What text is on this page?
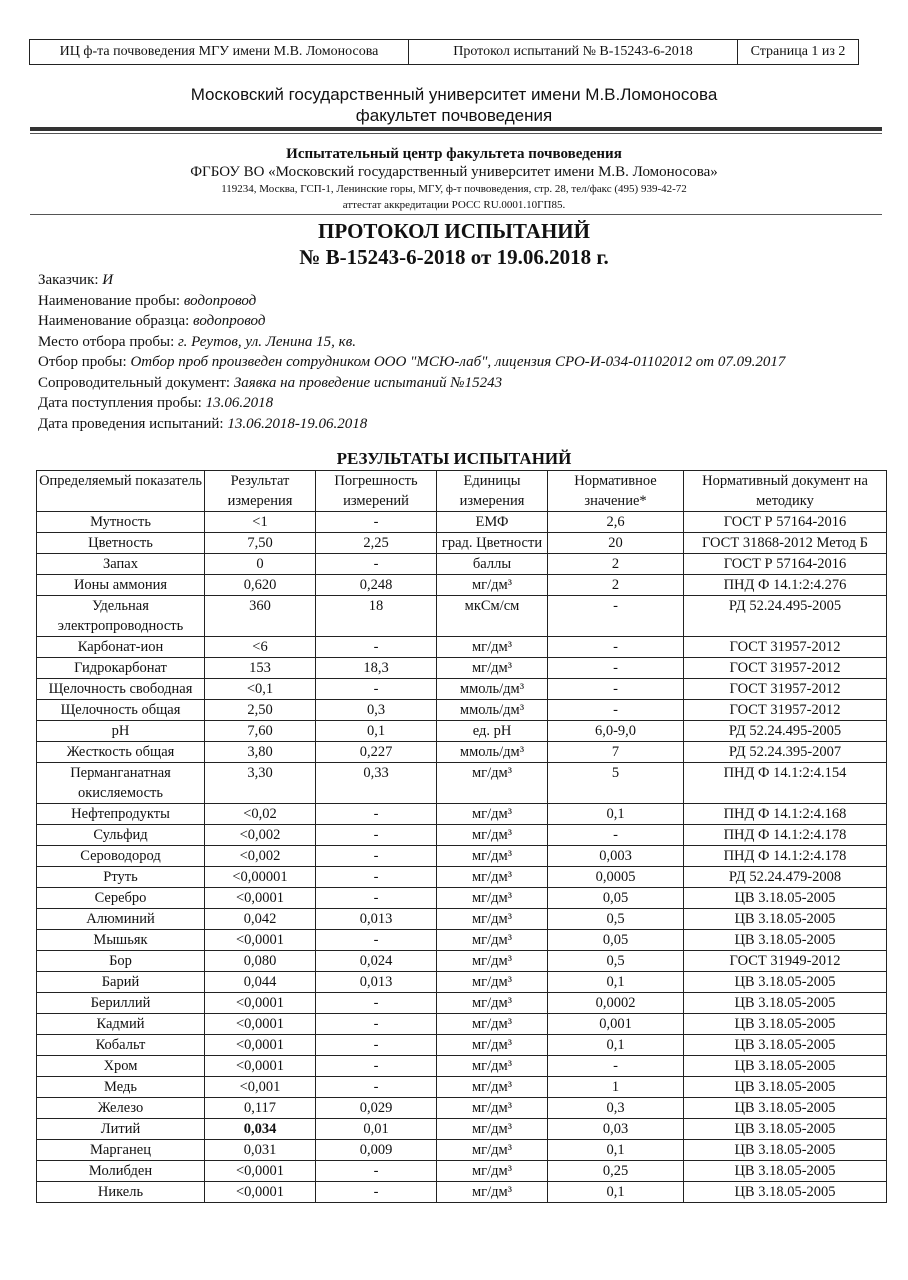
ИЦ ф-та почвоведения МГУ имени М.В. Ломоносова	Протокол испытаний № В-15243-6-2018	Страница 1 из 2
Московский государственный университет имени М.В.Ломоносова
факультет почвоведения
Испытательный центр факультета почвоведения
ФГБОУ ВО «Московский государственный университет имени М.В. Ломоносова»
119234, Москва, ГСП-1, Ленинские горы, МГУ, ф-т почвоведения, стр. 28, тел/факс (495) 939-42-72
аттестат аккредитации РОСС RU.0001.10ГП85.
ПРОТОКОЛ ИСПЫТАНИЙ
№ В-15243-6-2018 от 19.06.2018 г.
Заказчик: И
Наименование пробы: водопровод
Наименование образца: водопровод
Место отбора пробы: г. Реутов, ул. Ленина 15, кв.
Отбор пробы: Отбор проб произведен сотрудником ООО "МСЮ-лаб", лицензия СРО-И-034-01102012 от 07.09.2017
Сопроводительный документ: Заявка на проведение испытаний №15243
Дата поступления пробы: 13.06.2018
Дата проведения испытаний: 13.06.2018-19.06.2018
РЕЗУЛЬТАТЫ ИСПЫТАНИЙ
Определяемый показатель	Результат измерения	Погрешность измерений	Единицы измерения	Нормативное значение*	Нормативный документ на методику
Мутность	<1	-	ЕМФ	2,6	ГОСТ Р 57164-2016
Цветность	7,50	2,25	град. Цветности	20	ГОСТ 31868-2012 Метод Б
Запах	0	-	баллы	2	ГОСТ Р 57164-2016
Ионы аммония	0,620	0,248	мг/дм³	2	ПНД Ф 14.1:2:4.276
Удельная электропроводность	360	18	мкСм/см	-	РД 52.24.495-2005
Карбонат-ион	<6	-	мг/дм³	-	ГОСТ 31957-2012
Гидрокарбонат	153	18,3	мг/дм³	-	ГОСТ 31957-2012
Щелочность свободная	<0,1	-	ммоль/дм³	-	ГОСТ 31957-2012
Щелочность общая	2,50	0,3	ммоль/дм³	-	ГОСТ 31957-2012
pH	7,60	0,1	ед. pH	6,0-9,0	РД 52.24.495-2005
Жесткость общая	3,80	0,227	ммоль/дм³	7	РД 52.24.395-2007
Перманганатная окисляемость	3,30	0,33	мг/дм³	5	ПНД Ф 14.1:2:4.154
Нефтепродукты	<0,02	-	мг/дм³	0,1	ПНД Ф 14.1:2:4.168
Сульфид	<0,002	-	мг/дм³	-	ПНД Ф 14.1:2:4.178
Сероводород	<0,002	-	мг/дм³	0,003	ПНД Ф 14.1:2:4.178
Ртуть	<0,00001	-	мг/дм³	0,0005	РД 52.24.479-2008
Серебро	<0,0001	-	мг/дм³	0,05	ЦВ 3.18.05-2005
Алюминий	0,042	0,013	мг/дм³	0,5	ЦВ 3.18.05-2005
Мышьяк	<0,0001	-	мг/дм³	0,05	ЦВ 3.18.05-2005
Бор	0,080	0,024	мг/дм³	0,5	ГОСТ 31949-2012
Барий	0,044	0,013	мг/дм³	0,1	ЦВ 3.18.05-2005
Бериллий	<0,0001	-	мг/дм³	0,0002	ЦВ 3.18.05-2005
Кадмий	<0,0001	-	мг/дм³	0,001	ЦВ 3.18.05-2005
Кобальт	<0,0001	-	мг/дм³	0,1	ЦВ 3.18.05-2005
Хром	<0,0001	-	мг/дм³	-	ЦВ 3.18.05-2005
Медь	<0,001	-	мг/дм³	1	ЦВ 3.18.05-2005
Железо	0,117	0,029	мг/дм³	0,3	ЦВ 3.18.05-2005
Литий	0,034	0,01	мг/дм³	0,03	ЦВ 3.18.05-2005
Марганец	0,031	0,009	мг/дм³	0,1	ЦВ 3.18.05-2005
Молибден	<0,0001	-	мг/дм³	0,25	ЦВ 3.18.05-2005
Никель	<0,0001	-	мг/дм³	0,1	ЦВ 3.18.05-2005
